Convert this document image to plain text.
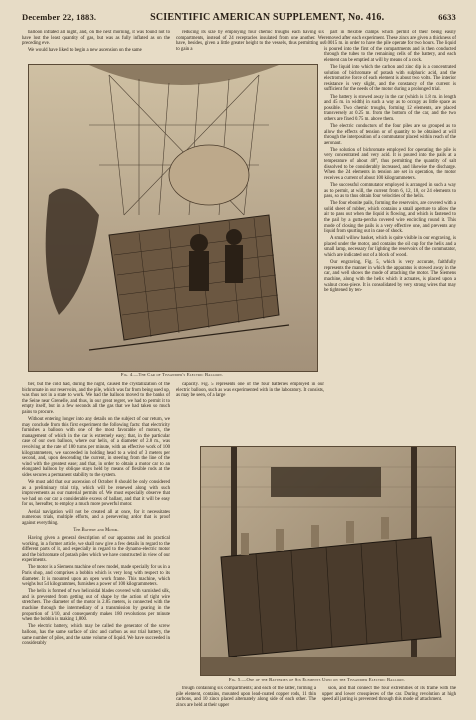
December 22, 1883.	SCIENTIFIC AMERICAN SUPPLEMENT, No. 416.	6633

balloon inflated all night, and, on the next morning, it was found not to have lost the least quantity of gas, but was as fully inflated as on the preceding eve.

We would have liked to begin a new ascension on the same

reducing its size by employing four chemic troughs each having six compartments, instead of 24 receptacles insulated from one another. We have, besides, given a little greater height to the vessels, thus permitting us to gain a

Fig. 4.—The Car of Tissandier's Electric Balloon.

part in flexible clamps which permit of their being easily removed after each experiment. These zincs are given a thickness of 0.0015 m. in order to have the pile operate for two hours. The liquid is poured into the first of the compartments and is then conducted through the tubes to the remaining cells of the battery, and each element can be emptied at will by means of a cock.

The liquid into which the carbon and zinc dip is a concentrated solution of bichromate of potash with sulphuric acid, and the electromotive force of each element is about two volts. The interior resistance is very slight, and the constancy of the current is sufficient for the needs of the motor during a prolonged trial.

The battery is stowed away in the car (which is 1.8 m. in length and 45 m. in width) in such a way as to occupy as little space as possible. Two chemic troughs, forming 12 elements, are placed transversely at 0.25 m. from the bottom of the car, and the two others are fixed 0.75 m. above them.

The electric conductors of the four piles are so grouped as to allow the effects of tension or of quantity to be obtained at will through the interposition of a commutator placed within reach of the aeronaut.

The solution of bichromate employed for operating the pile is very concentrated and very acid. It is poured into the pails at a temperature of about 40°, thus permitting the quantity of salt dissolved to be considerably increased, and likewise the discharge. When the 24 elements in tension are set in operation, the motor receives a current of about 100 kilogrammeters.

The successful commutator employed is arranged in such a way as to permit, at will, the current from 6, 12, 18, or 24 elements to pass, so as to thus obtain four velocities of the helix.

The four ebonite pails, forming the reservoirs, are covered with a solid sheet of rubber, which contains a small aperture to allow the air to pass out when the liquid is flowing, and which is fastened to the pail by a gutta-percha covered wire encircling round it. This mode of closing the pails is a very effective one, and prevents any liquid from spurting out in case of shock.

A small willow basket, which is quite visible in our engraving, is placed under the motor, and contains the oil cup for the helix and a small lamp, necessary for lighting the reservoirs of the commutator, which are indicated out of a block of wood.

Our engraving, Fig. 5, which is very accurate, faithfully represents the manner in which the apparatus is stowed away in the car, and well shows the mode of attaching the motor. The Siemens machine, along with the helix which it actuates, is placed upon a walnut cross-piece. It is consolidated by very strong wires that may be tightened by ten-

tier, but the cold had, during the night, caused the crystallization of the bichromate in our reservoirs, and the pile, which was far from being used up, was thus not in a state to work. We had the balloon moved to the banks of the Seine near Grenelle, and thus, in our great regret, we had to permit it to empty itself, but in a few seconds all the gas that we had taken so much pains to procure.

Without entering longer into any details on the subject of our return, we may conclude from this first experiment the following facts: that electricity furnishes a balloon with one of the most favorable of motors, the management of which in the car is extremely easy; that, in the particular case of our own balloon, where our helix, of a diameter of 2.8 m., was revolving at the rate of 180 turns per minute, with an effective work of 100 kilogrammeters, we succeeded in holding head to a wind of 3 meters per second, and, upon descending the current, in steering from the line of the wind with the greatest ease; and that, in order to obtain a motor car to an elongated balloon by oblique stays held by means of flexible rods at the sides secures a permanent stability to the system.

We must add that our ascension of October 8 should be only considered as a preliminary trial trip, which will be renewed along with such improvements as our material permits of. We must especially observe that we had on our car a considerable excess of ballast, and that it will be easy for us, hereafter, to employ a much more powerful motor.

Aerial navigation will not be created all at once, for it necessitates numerous trials, multiple efforts, and a persevering ardor that is proof against everything.

The Battery and Motor.

Having given a general description of our apparatus and its practical working, in a former article, we shall now give a few details in regard to the different parts of it, and especially in regard to the dynamo-electric motor and the bichromate of potash piles which we have constructed in view of our experiments.

The motor is a Siemens machine of new model, made specially for us in a Paris shop, and comprises a bobbin which is very long with respect to its diameter. It is mounted upon an open work frame. This machine, which weighs but 54 kilogrammes, furnishes a power of 100 kilogrammeters.

The helix is formed of two helicoidal blades covered with varnished silk, and is prevented from getting out of shape by the action of tight wire stretchers. The diameter of the motor is 2.85 meters, is connected with the machine through the intermediary of a transmission by gearing in the proportion of 1/10, and consequently makes 180 revolutions per minute when the bobbin is making 1,800.

The electric battery, which may be called the generator of the screw balloon, has the same surface of zinc and carbon as our trial battery, the same number of piles, and the same volume of liquid. We have succeeded in considerably

capacity. Fig. 5 represents one of the four batteries employed in our electric balloon, such as was experimented with in the laboratory. It consists, as may be seen, of a large

Fig. 5.—One of the Batteries of Six Elements Used on the Tissandier Electric Balloon.

trough containing six compartments; and each of the latter, forming a pile element, contains, mounted upon lead-coated copper rods, 11 thin carbons, and 10 zincs placed alternately along side of each other. The zincs are held at their upper

sion, and that connect the four extremities of its frame with the upper and lower crosspieces of the car. During revolution at high speed all jarring is prevented through this mode of attachment.
